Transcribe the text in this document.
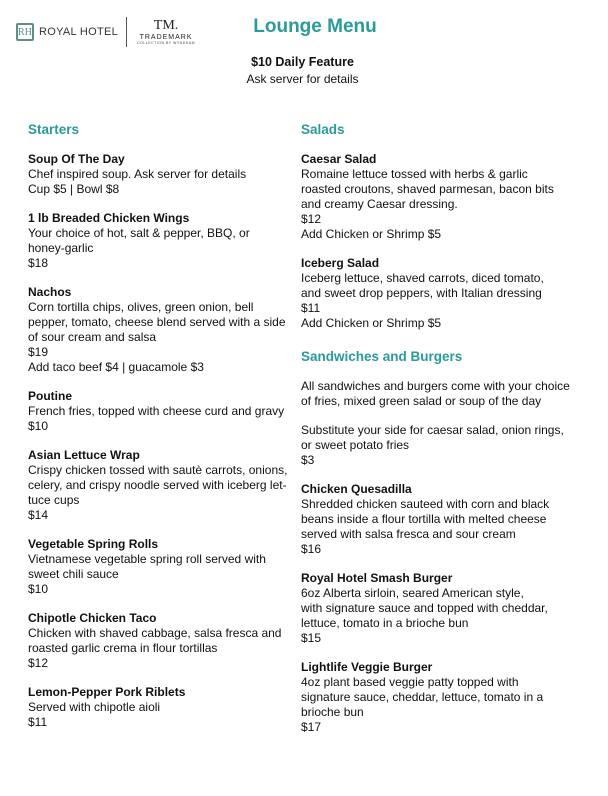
RH ROYAL HOTEL	TM.
TRADEMARK
COLLECTION BY WYNDHAM
Lounge Menu
$10 Daily Feature
Ask server for details
Starters
Soup Of The Day
Chef inspired soup. Ask server for details
Cup $5 | Bowl $8
1 lb Breaded Chicken Wings
Your choice of hot, salt & pepper, BBQ, or
honey-garlic
$18
Nachos
Corn tortilla chips, olives, green onion, bell
pepper, tomato, cheese blend served with a side
of sour cream and salsa
$19
Add taco beef $4 | guacamole $3
Poutine
French fries, topped with cheese curd and gravy
$10
Asian Lettuce Wrap
Crispy chicken tossed with sautè carrots, onions,
celery, and crispy noodle served with iceberg let-
tuce cups
$14
Vegetable Spring Rolls
Vietnamese vegetable spring roll served with
sweet chili sauce
$10
Chipotle Chicken Taco
Chicken with shaved cabbage, salsa fresca and
roasted garlic crema in flour tortillas
$12
Lemon-Pepper Pork Riblets
Served with chipotle aioli
$11
Salads
Caesar Salad
Romaine lettuce tossed with herbs & garlic
roasted croutons, shaved parmesan, bacon bits
and creamy Caesar dressing.
$12
Add Chicken or Shrimp $5
Iceberg Salad
Iceberg lettuce, shaved carrots, diced tomato,
and sweet drop peppers, with Italian dressing
$11
Add Chicken or Shrimp $5
Sandwiches and Burgers
All sandwiches and burgers come with your choice
of fries, mixed green salad or soup of the day
Substitute your side for caesar salad, onion rings,
or sweet potato fries
$3
Chicken Quesadilla
Shredded chicken sauteed with corn and black
beans inside a flour tortilla with melted cheese
served with salsa fresca and sour cream
$16
Royal Hotel Smash Burger
6oz Alberta sirloin, seared American style,
with signature sauce and topped with cheddar,
lettuce, tomato in a brioche bun
$15
Lightlife Veggie Burger
4oz plant based veggie patty topped with
signature sauce, cheddar, lettuce, tomato in a
brioche bun
$17
